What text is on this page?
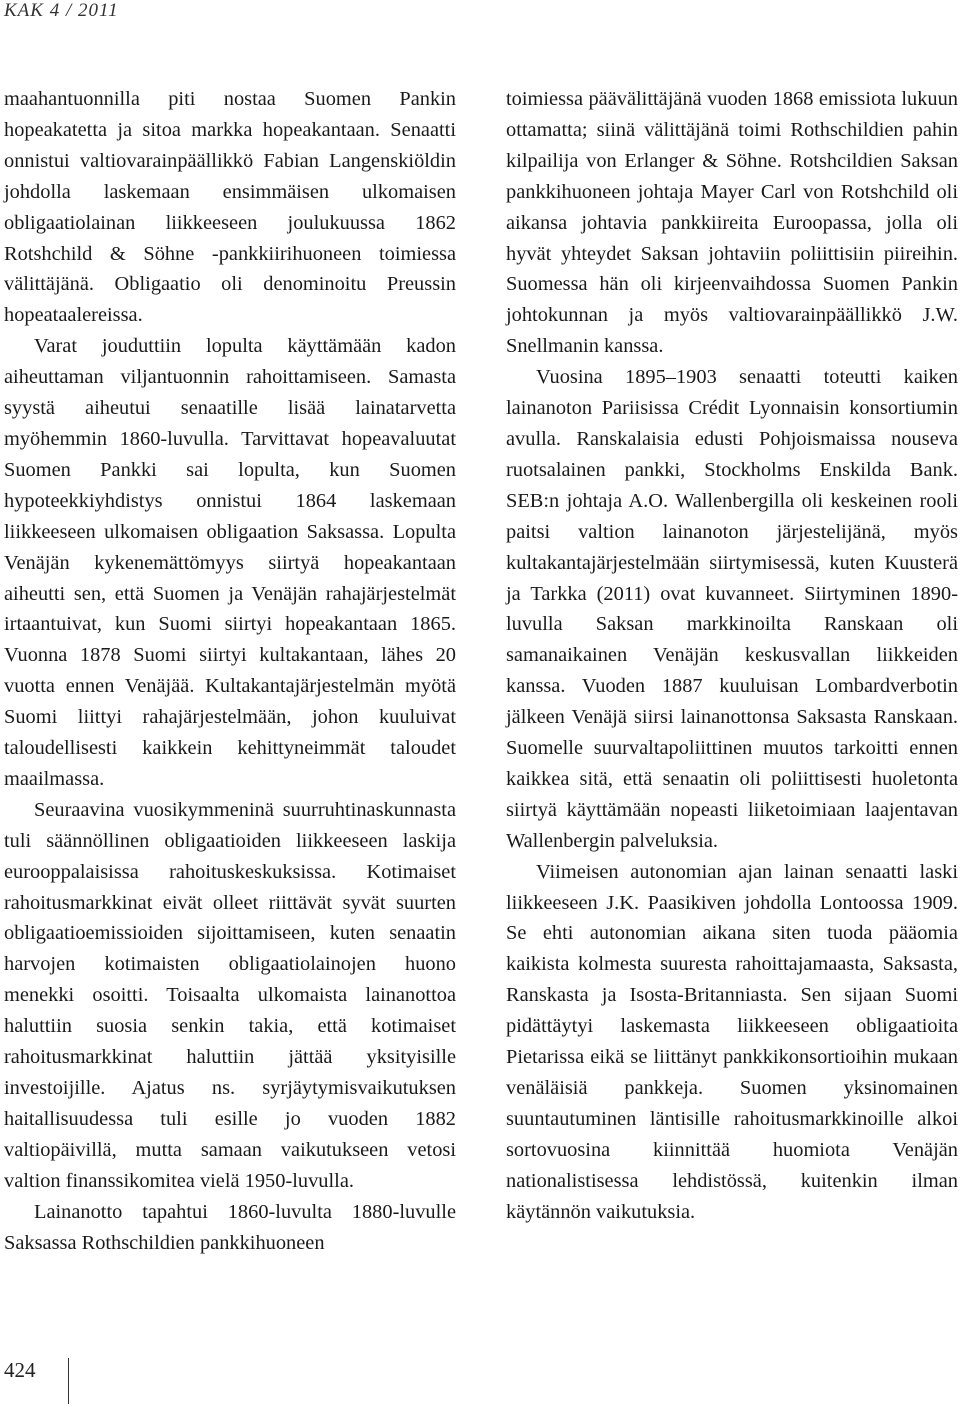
KAK 4 / 2011

maahantuonnilla piti nostaa Suomen Pankin hopeakatetta ja sitoa markka hopeakantaan. Senaatti onnistui valtiovarainpäällikkö Fabian Langenskiöldin johdolla laskemaan ensimmäisen ulkomaisen obligaatiolainan liikkeeseen joulukuussa 1862 Rotshchild & Söhne -pankkiirihuoneen toimiessa välittäjänä. Obligaatio oli denominoitu Preussin hopeataalereissa.

Varat jouduttiin lopulta käyttämään kadon aiheuttaman viljantuonnin rahoittamiseen. Samasta syystä aiheutui senaatille lisää lainatarvetta myöhemmin 1860-luvulla. Tarvittavat hopeavaluutat Suomen Pankki sai lopulta, kun Suomen hypoteekkiyhdistys onnistui 1864 laskemaan liikkeeseen ulkomaisen obligaation Saksassa. Lopulta Venäjän kykenemättömyys siirtyä hopeakantaan aiheutti sen, että Suomen ja Venäjän rahajärjestelmät irtaantuivat, kun Suomi siirtyi hopeakantaan 1865. Vuonna 1878 Suomi siirtyi kultakantaan, lähes 20 vuotta ennen Venäjää. Kultakantajärjestelmän myötä Suomi liittyi rahajärjestelmään, johon kuuluivat taloudellisesti kaikkein kehittyneimmät taloudet maailmassa.

Seuraavina vuosikymmeninä suurruhtinaskunnasta tuli säännöllinen obligaatioiden liikkeeseen laskija eurooppalaisissa rahoituskeskuksissa. Kotimaiset rahoitusmarkkinat eivät olleet riittävät syvät suurten obligaatioemissioiden sijoittamiseen, kuten senaatin harvojen kotimaisten obligaatiolainojen huono menekki osoitti. Toisaalta ulkomaista lainanottoa haluttiin suosia senkin takia, että kotimaiset rahoitusmarkkinat haluttiin jättää yksityisille investoijille. Ajatus ns. syrjäytymisvaikutuksen haitallisuudessa tuli esille jo vuoden 1882 valtiopäivillä, mutta samaan vaikutukseen vetosi valtion finanssikomitea vielä 1950-luvulla.

Lainanotto tapahtui 1860-luvulta 1880-luvulle Saksassa Rothschildien pankkihuoneen

toimiessa päävälittäjänä vuoden 1868 emissiota lukuun ottamatta; siinä välittäjänä toimi Rothschildien pahin kilpailija von Erlanger & Söhne. Rotshcildien Saksan pankkihuoneen johtaja Mayer Carl von Rotshchild oli aikansa johtavia pankkiireita Euroopassa, jolla oli hyvät yhteydet Saksan johtaviin poliittisiin piireihin. Suomessa hän oli kirjeenvaihdossa Suomen Pankin johtokunnan ja myös valtiovarainpäällikkö J.W. Snellmanin kanssa.

Vuosina 1895–1903 senaatti toteutti kaiken lainanoton Pariisissa Crédit Lyonnaisin konsortiumin avulla. Ranskalaisia edusti Pohjoismaissa nouseva ruotsalainen pankki, Stockholms Enskilda Bank. SEB:n johtaja A.O. Wallenbergilla oli keskeinen rooli paitsi valtion lainanoton järjestelijänä, myös kultakantajärjestelmään siirtymisessä, kuten Kuusterä ja Tarkka (2011) ovat kuvanneet. Siirtyminen 1890-luvulla Saksan markkinoilta Ranskaan oli samanaikainen Venäjän keskusvallan liikkeiden kanssa. Vuoden 1887 kuuluisan Lombardverbotin jälkeen Venäjä siirsi lainanottonsa Saksasta Ranskaan. Suomelle suurvaltapoliittinen muutos tarkoitti ennen kaikkea sitä, että senaatin oli poliittisesti huoletonta siirtyä käyttämään nopeasti liiketoimiaan laajentavan Wallenbergin palveluksia.

Viimeisen autonomian ajan lainan senaatti laski liikkeeseen J.K. Paasikiven johdolla Lontoossa 1909. Se ehti autonomian aikana siten tuoda pääomia kaikista kolmesta suuresta rahoittajamaasta, Saksasta, Ranskasta ja Isosta-Britanniasta. Sen sijaan Suomi pidättäytyi laskemasta liikkeeseen obligaatioita Pietarissa eikä se liittänyt pankkikonsortioihin mukaan venäläisiä pankkeja. Suomen yksinomainen suuntautuminen läntisille rahoitusmarkkinoille alkoi sortovuosina kiinnittää huomiota Venäjän nationalistisessa lehdistössä, kuitenkin ilman käytännön vaikutuksia.

424
